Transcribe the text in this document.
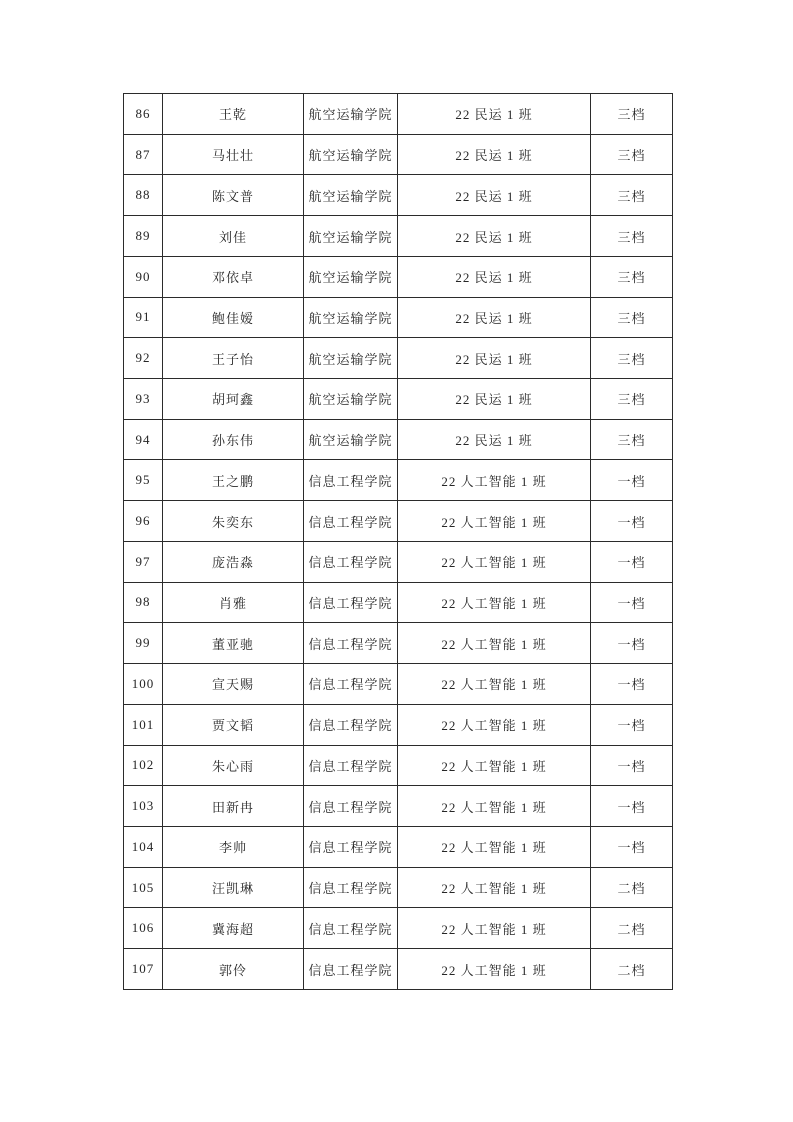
86	王乾	航空运输学院	22 民运 1 班	三档
87	马壮壮	航空运输学院	22 民运 1 班	三档
88	陈文普	航空运输学院	22 民运 1 班	三档
89	刘佳	航空运输学院	22 民运 1 班	三档
90	邓依卓	航空运输学院	22 民运 1 班	三档
91	鲍佳嫒	航空运输学院	22 民运 1 班	三档
92	王子怡	航空运输学院	22 民运 1 班	三档
93	胡珂鑫	航空运输学院	22 民运 1 班	三档
94	孙东伟	航空运输学院	22 民运 1 班	三档
95	王之鹏	信息工程学院	22 人工智能 1 班	一档
96	朱奕东	信息工程学院	22 人工智能 1 班	一档
97	庞浩淼	信息工程学院	22 人工智能 1 班	一档
98	肖雅	信息工程学院	22 人工智能 1 班	一档
99	董亚驰	信息工程学院	22 人工智能 1 班	一档
100	宣天赐	信息工程学院	22 人工智能 1 班	一档
101	贾文韬	信息工程学院	22 人工智能 1 班	一档
102	朱心雨	信息工程学院	22 人工智能 1 班	一档
103	田新冉	信息工程学院	22 人工智能 1 班	一档
104	李帅	信息工程学院	22 人工智能 1 班	一档
105	汪凯琳	信息工程学院	22 人工智能 1 班	二档
106	冀海超	信息工程学院	22 人工智能 1 班	二档
107	郭伶	信息工程学院	22 人工智能 1 班	二档
